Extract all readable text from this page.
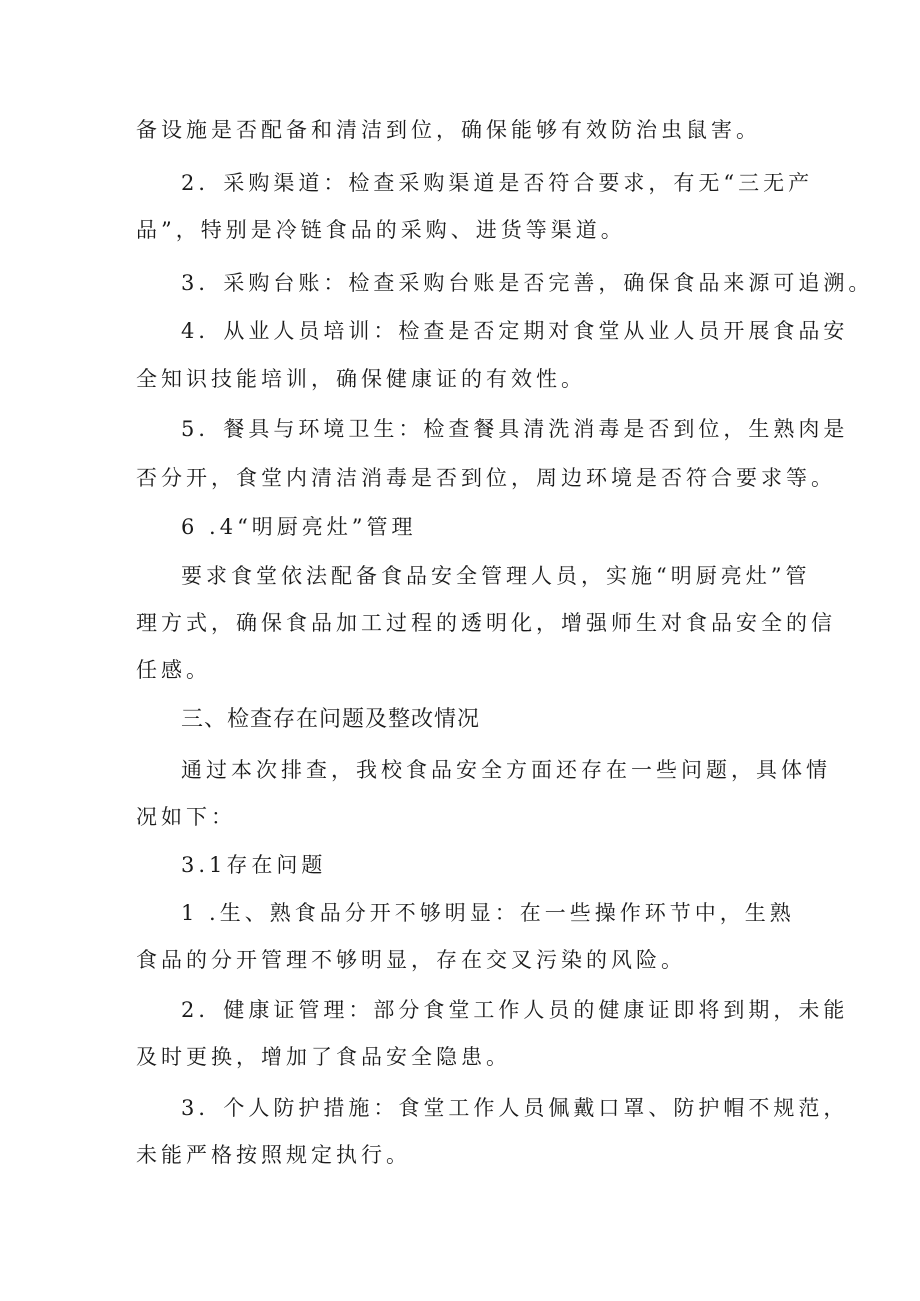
备设施是否配备和清洁到位，确保能够有效防治虫鼠害。
2．采购渠道：检查采购渠道是否符合要求，有无“三无产
品”，特别是冷链食品的采购、进货等渠道。
3．采购台账：检查采购台账是否完善，确保食品来源可追溯。
4．从业人员培训：检查是否定期对食堂从业人员开展食品安
全知识技能培训，确保健康证的有效性。
5．餐具与环境卫生：检查餐具清洗消毒是否到位，生熟肉是
否分开，食堂内清洁消毒是否到位，周边环境是否符合要求等。
6 .4“明厨亮灶”管理
要求食堂依法配备食品安全管理人员，实施“明厨亮灶”管
理方式，确保食品加工过程的透明化，增强师生对食品安全的信
任感。
三、检查存在问题及整改情况
通过本次排查，我校食品安全方面还存在一些问题，具体情
况如下：
3.1存在问题
1 .生、熟食品分开不够明显：在一些操作环节中，生熟
食品的分开管理不够明显，存在交叉污染的风险。
2．健康证管理：部分食堂工作人员的健康证即将到期，未能
及时更换，增加了食品安全隐患。
3．个人防护措施：食堂工作人员佩戴口罩、防护帽不规范，
未能严格按照规定执行。
